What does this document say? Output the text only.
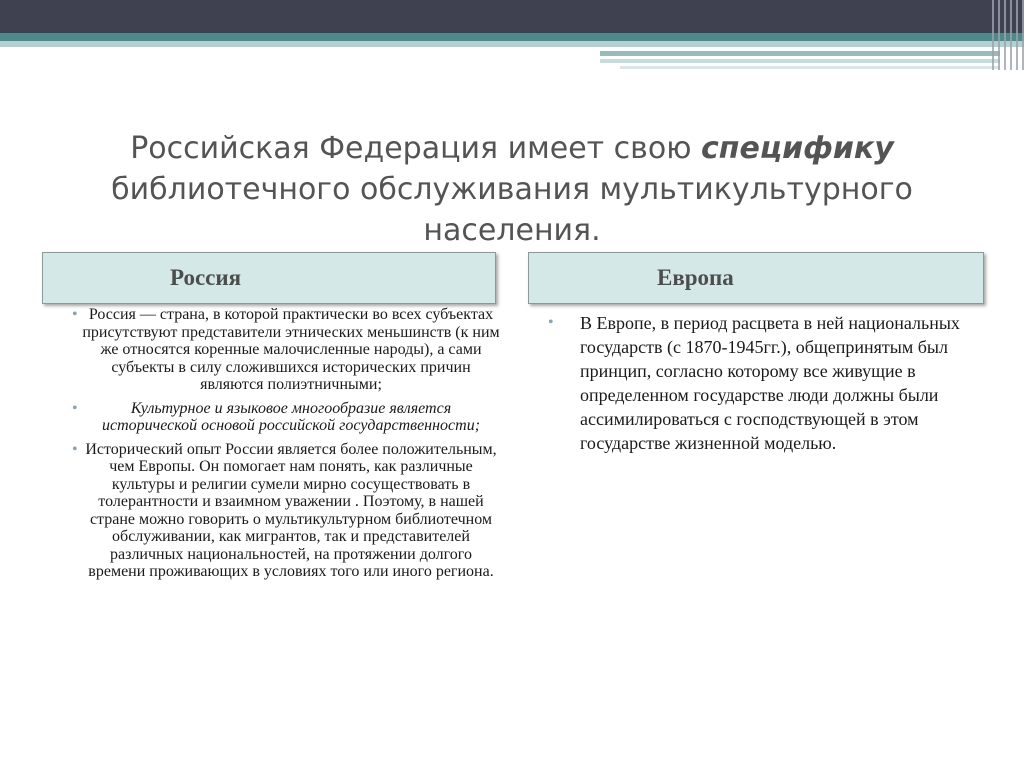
Российская Федерация имеет свою специфику библиотечного обслуживания мультикультурного населения.
Россия	Европа
• Россия — страна, в которой практически во всех субъектах присутствуют представители этнических меньшинств (к ним же относятся коренные малочисленные народы), а сами субъекты в силу сложившихся исторических причин являются полиэтничными;
•	Культурное и языковое многообразие является исторической основой российской государственности;
• Исторический опыт России является более положительным, чем Европы. Он помогает нам понять, как различные культуры и религии сумели мирно сосуществовать в толерантности и взаимном уважении . Поэтому, в нашей стране можно говорить о мультикультурном библиотечном обслуживании, как мигрантов, так и представителей различных национальностей, на протяжении долгого времени проживающих в условиях того или иного региона.
• В Европе, в период расцвета в ней национальных государств (с 1870-1945гг.), общепринятым был принцип, согласно которому все живущие в определенном государстве люди должны были ассимилироваться с господствующей в этом государстве жизненной моделью.
